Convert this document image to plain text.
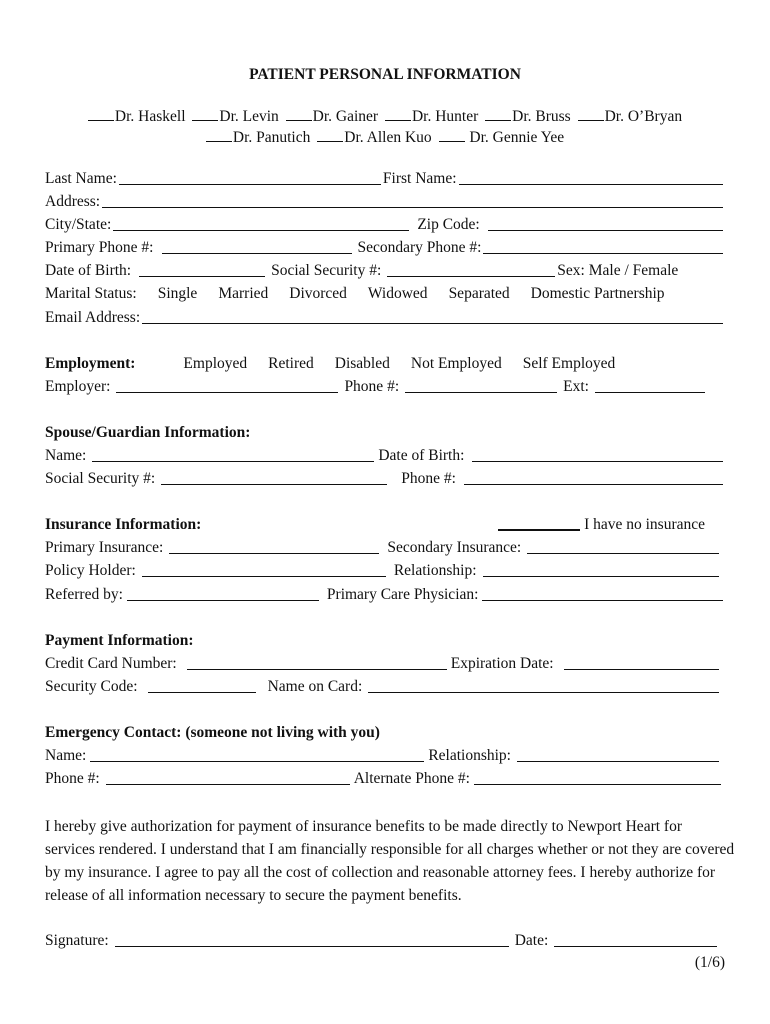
PATIENT PERSONAL INFORMATION
Dr. Haskell Dr. Levin Dr. Gainer Dr. Hunter Dr. Bruss Dr. O’Bryan
Dr. Panutich Dr. Allen Kuo Dr. Gennie Yee
Last Name:	First Name:
Address:
City/State:	Zip Code:
Primary Phone #:	Secondary Phone #:
Date of Birth:	Social Security #:	Sex: Male / Female
Marital Status: Single Married Divorced Widowed Separated Domestic Partnership
Email Address:
Employment:	Employed Retired Disabled Not Employed Self Employed
Employer:	Phone #:	Ext:
Spouse/Guardian Information:
Name:	Date of Birth:
Social Security #:	Phone #:
Insurance Information:	I have no insurance
Primary Insurance:	Secondary Insurance:
Policy Holder:	Relationship:
Referred by:	Primary Care Physician:
Payment Information:
Credit Card Number:	Expiration Date:
Security Code:	Name on Card:
Emergency Contact: (someone not living with you)
Name:	Relationship:
Phone #:	Alternate Phone #:
I hereby give authorization for payment of insurance benefits to be made directly to Newport Heart for services rendered. I understand that I am financially responsible for all charges whether or not they are covered by my insurance. I agree to pay all the cost of collection and reasonable attorney fees. I hereby authorize for release of all information necessary to secure the payment benefits.
Signature:	Date:
(1/6)
